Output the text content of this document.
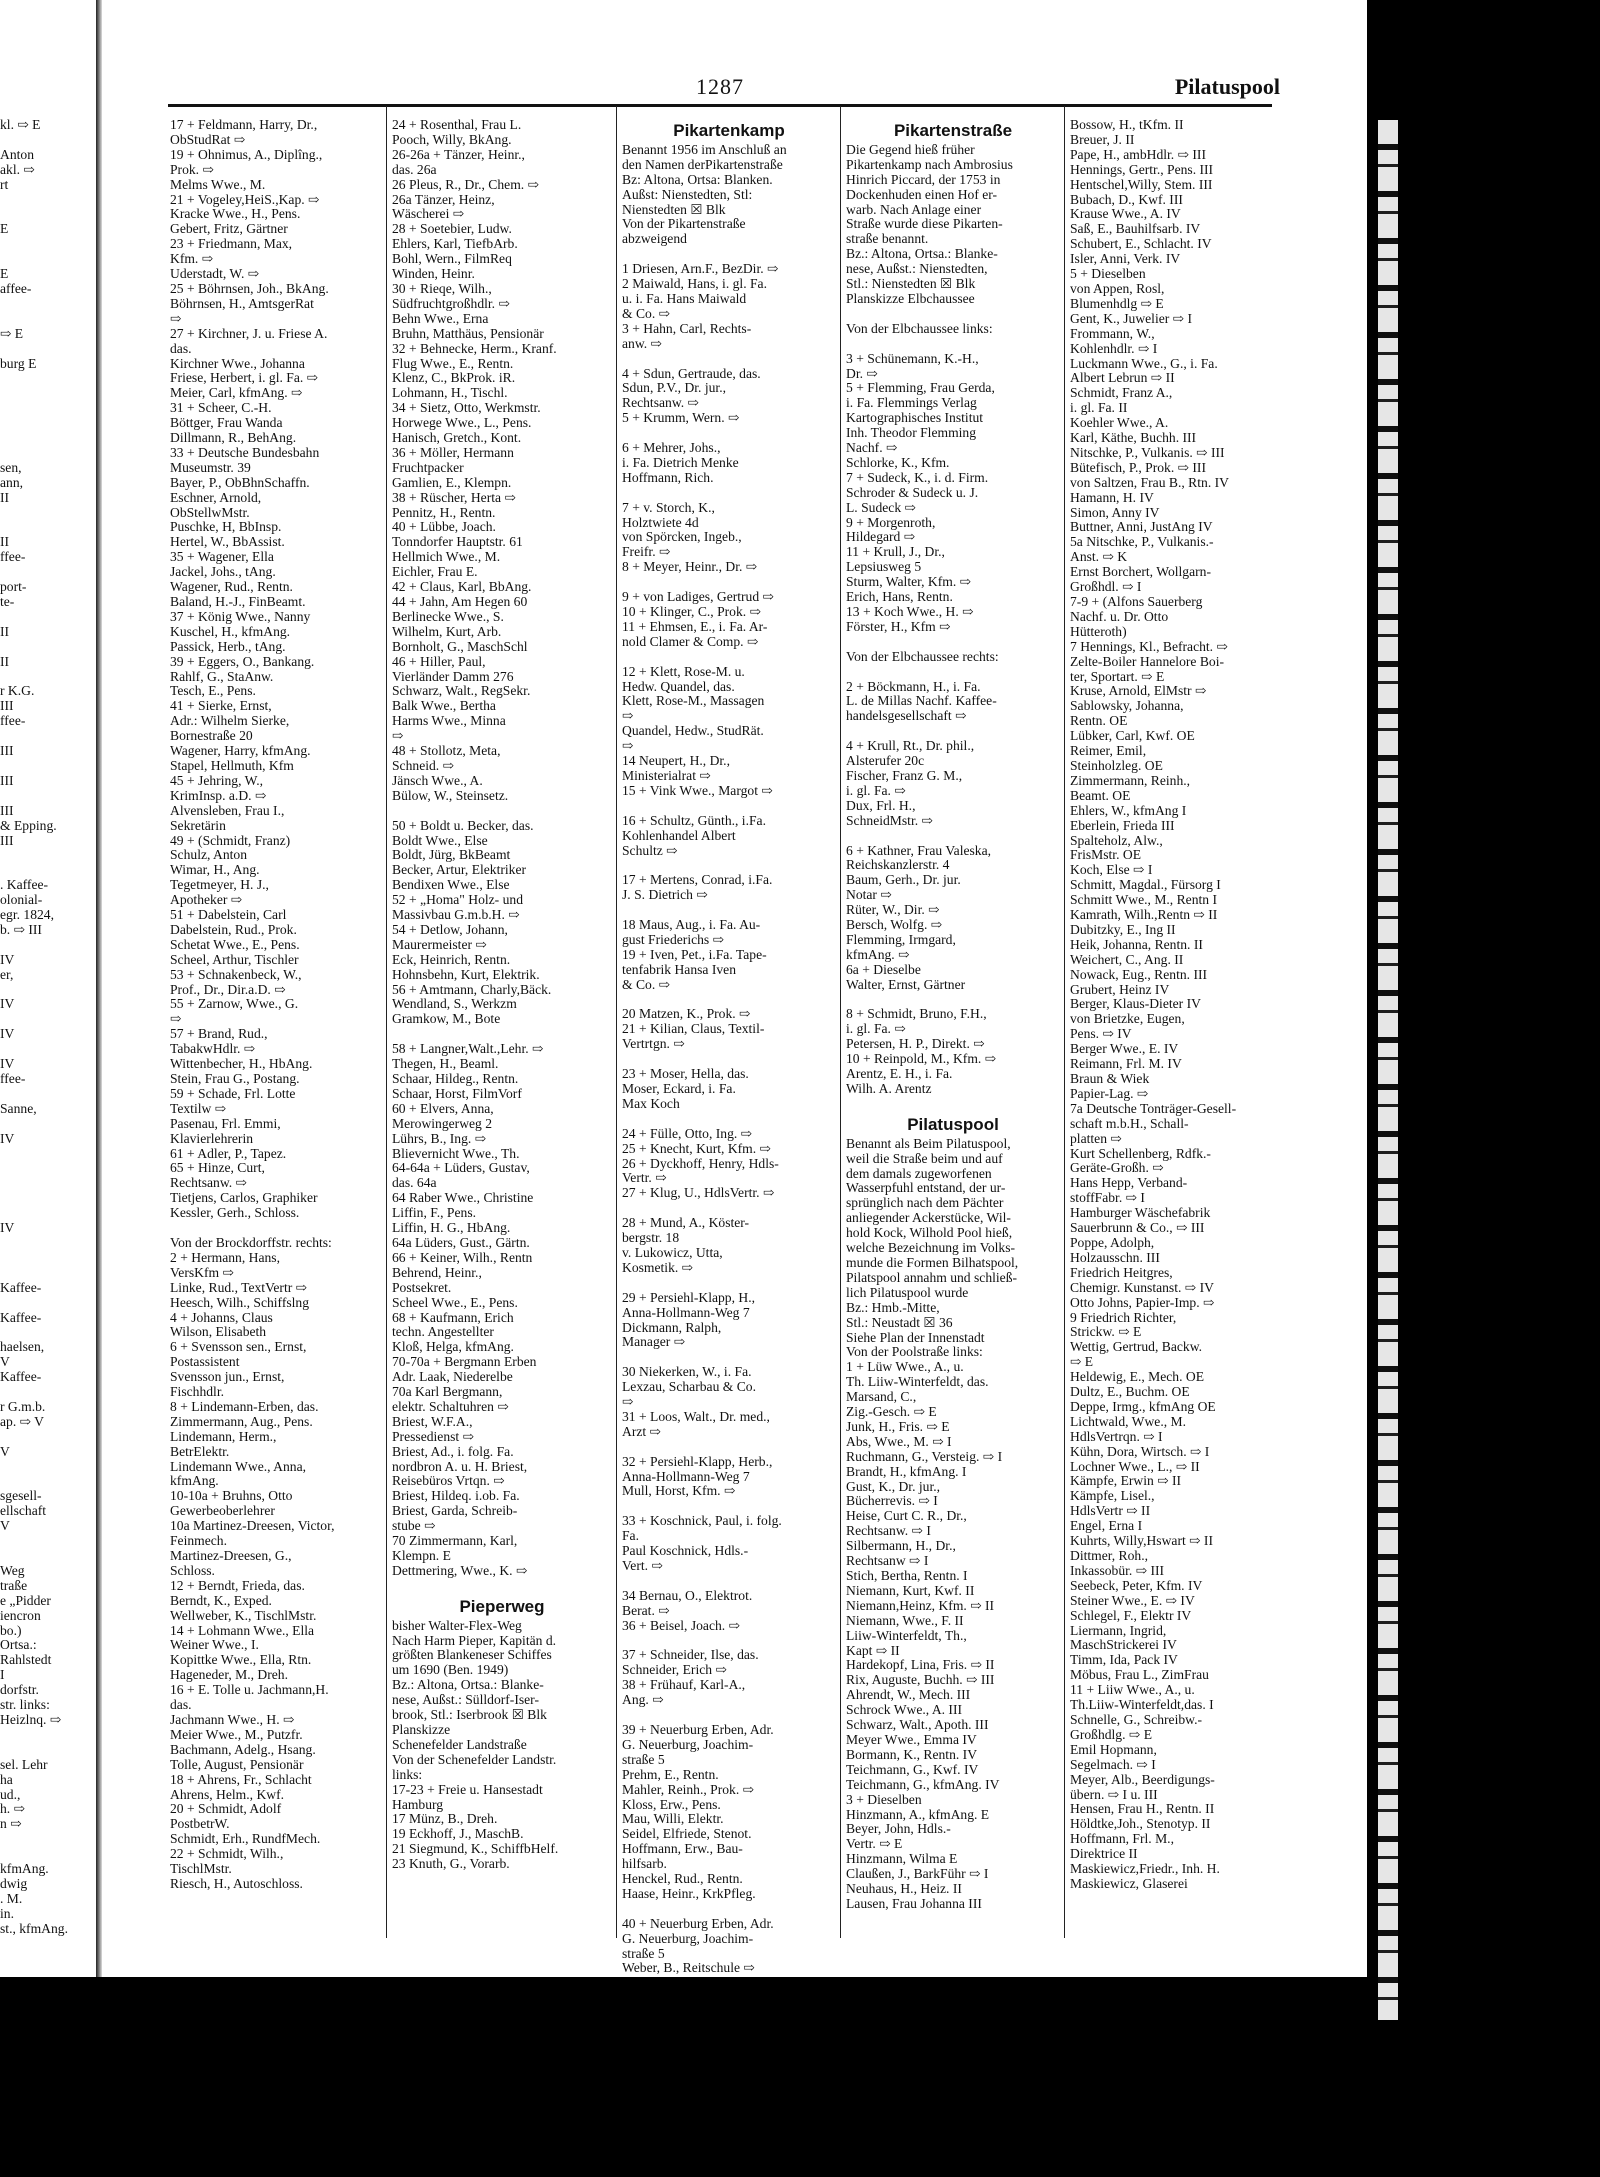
kl. ⇨ E

Anton
akl. ⇨
rt

E

E
affee-

⇨ E

burg E

sen,
ann,
II

II
ffee-

port-
te-

II

II

r K.G.
III
ffee-

III

III

III
& Epping.
III

. Kaffee-
olonial-
egr. 1824,
b. ⇨ III

IV
er,

IV

IV

IV
ffee-

Sanne,

IV

IV

Kaffee-

Kaffee-

haelsen,
V
Kaffee-

r G.m.b.
ap. ⇨ V

V

sgesell-
ellschaft
V

Weg
traße
e „Pidder
iencron
bo.)
Ortsa.:
Rahlstedt
I
dorfstr.
str. links:
Heizlnq. ⇨

sel. Lehr
ha
ud.,
h. ⇨
n ⇨

kfmAng.
dwig
. M.
in.
st., kfmAng.
1287	Pilatuspool
17 + Feldmann, Harry, Dr.,
ObStudRat ⇨
19 + Ohnimus, A., Diplîng.,
Prok. ⇨
Melms Wwe., M.
21 + Vogeley,HeiS.,Kap. ⇨
Kracke Wwe., H., Pens.
Gebert, Fritz, Gärtner
23 + Friedmann, Max,
Kfm. ⇨
Uderstadt, W. ⇨
25 + Böhrnsen, Joh., BkAng.
Böhrnsen, H., AmtsgerRat
⇨
27 + Kirchner, J. u. Friese A.
das.
Kirchner Wwe., Johanna
Friese, Herbert, i. gl. Fa. ⇨
Meier, Carl, kfmAng. ⇨
31 + Scheer, C.-H.
Böttger, Frau Wanda
Dillmann, R., BehAng.
33 + Deutsche Bundesbahn
Museumstr. 39
Bayer, P., ObBhnSchaffn.
Eschner, Arnold,
ObStellwMstr.
Puschke, H, BbInsp.
Hertel, W., BbAssist.
35 + Wagener, Ella
Jackel, Johs., tAng.
Wagener, Rud., Rentn.
Baland, H.-J., FinBeamt.
37 + König Wwe., Nanny
Kuschel, H., kfmAng.
Passick, Herb., tAng.
39 + Eggers, O., Bankang.
Rahlf, G., StaAnw.
Tesch, E., Pens.
41 + Sierke, Ernst,
Adr.: Wilhelm Sierke,
Bornestraße 20
Wagener, Harry, kfmAng.
Stapel, Hellmuth, Kfm
45 + Jehring, W.,
KrimInsp. a.D. ⇨
Alvensleben, Frau I.,
Sekretärin
49 + (Schmidt, Franz)
Schulz, Anton
Wimar, H., Ang.
Tegetmeyer, H. J.,
Apotheker ⇨
51 + Dabelstein, Carl
Dabelstein, Rud., Prok.
Schetat Wwe., E., Pens.
Scheel, Arthur, Tischler
53 + Schnakenbeck, W.,
Prof., Dr., Dir.a.D. ⇨
55 + Zarnow, Wwe., G.
⇨
57 + Brand, Rud.,
TabakwHdlr. ⇨
Wittenbecher, H., HbAng.
Stein, Frau G., Postang.
59 + Schade, Frl. Lotte
Textilw ⇨
Pasenau, Frl. Emmi,
Klavierlehrerin
61 + Adler, P., Tapez.
65 + Hinze, Curt,
Rechtsanw. ⇨
Tietjens, Carlos, Graphiker
Kessler, Gerh., Schloss.

Von der Brockdorffstr. rechts:
2 + Hermann, Hans,
VersKfm ⇨
Linke, Rud., TextVertr ⇨
Heesch, Wilh., Schiffslng
4 + Johanns, Claus
Wilson, Elisabeth
6 + Svensson sen., Ernst,
Postassistent
Svensson jun., Ernst,
Fischhdlr.
8 + Lindemann-Erben, das.
Zimmermann, Aug., Pens.
Lindemann, Herm.,
BetrElektr.
Lindemann Wwe., Anna,
kfmAng.
10-10a + Bruhns, Otto
Gewerbeoberlehrer
10a Martinez-Dreesen, Victor,
Feinmech.
Martinez-Dreesen, G.,
Schloss.
12 + Berndt, Frieda, das.
Berndt, K., Exped.
Wellweber, K., TischlMstr.
14 + Lohmann Wwe., Ella
Weiner Wwe., I.
Kopittke Wwe., Ella, Rtn.
Hageneder, M., Dreh.
16 + E. Tolle u. Jachmann,H.
das.
Jachmann Wwe., H. ⇨
Meier Wwe., M., Putzfr.
Bachmann, Adelg., Hsang.
Tolle, August, Pensionär
18 + Ahrens, Fr., Schlacht
Ahrens, Helm., Kwf.
20 + Schmidt, Adolf
PostbetrW.
Schmidt, Erh., RundfMech.
22 + Schmidt, Wilh.,
TischlMstr.
Riesch, H., Autoschloss.
24 + Rosenthal, Frau L.
Pooch, Willy, BkAng.
26-26a + Tänzer, Heinr.,
das. 26a
26 Pleus, R., Dr., Chem. ⇨
26a Tänzer, Heinz,
Wäscherei ⇨
28 + Soetebier, Ludw.
Ehlers, Karl, TiefbArb.
Bohl, Wern., FilmReq
Winden, Heinr.
30 + Rieqe, Wilh.,
Südfruchtgroßhdlr. ⇨
Behn Wwe., Erna
Bruhn, Matthäus, Pensionär
32 + Behnecke, Herm., Kranf.
Flug Wwe., E., Rentn.
Klenz, C., BkProk. iR.
Lohmann, H., Tischl.
34 + Sietz, Otto, Werkmstr.
Horwege Wwe., L., Pens.
Hanisch, Gretch., Kont.
36 + Möller, Hermann
Fruchtpacker
Gamlien, E., Klempn.
38 + Rüscher, Herta ⇨
Pennitz, H., Rentn.
40 + Lübbe, Joach.
Tonndorfer Hauptstr. 61
Hellmich Wwe., M.
Eichler, Frau E.
42 + Claus, Karl, BbAng.
44 + Jahn, Am Hegen 60
Berlinecke Wwe., S.
Wilhelm, Kurt, Arb.
Bornholt, G., MaschSchl
46 + Hiller, Paul,
Vierländer Damm 276
Schwarz, Walt., RegSekr.
Balk Wwe., Bertha
Harms Wwe., Minna
⇨
48 + Stollotz, Meta,
Schneid. ⇨
Jänsch Wwe., A.
Bülow, W., Steinsetz.

50 + Boldt u. Becker, das.
Boldt Wwe., Else
Boldt, Jürg, BkBeamt
Becker, Artur, Elektriker
Bendixen Wwe., Else
52 + „Homa" Holz- und
Massivbau G.m.b.H. ⇨
54 + Detlow, Johann,
Maurermeister ⇨
Eck, Heinrich, Rentn.
Hohnsbehn, Kurt, Elektrik.
56 + Amtmann, Charly,Bäck.
Wendland, S., Werkzm
Gramkow, M., Bote

58 + Langner,Walt.,Lehr. ⇨
Thegen, H., Beaml.
Schaar, Hildeg., Rentn.
Schaar, Horst, FilmVorf
60 + Elvers, Anna,
Merowingerweg 2
Lührs, B., Ing. ⇨
Blievernicht Wwe., Th.
64-64a + Lüders, Gustav,
das. 64a
64 Raber Wwe., Christine
Liffin, F., Pens.
Liffin, H. G., HbAng.
64a Lüders, Gust., Gärtn.
66 + Keiner, Wilh., Rentn
Behrend, Heinr.,
Postsekret.
Scheel Wwe., E., Pens.
68 + Kaufmann, Erich
techn. Angestellter
Kloß, Helga, kfmAng.
70-70a + Bergmann Erben
Adr. Laak, Niederelbe
70a Karl Bergmann,
elektr. Schaltuhren ⇨
Briest, W.F.A.,
Pressedienst ⇨
Briest, Ad., i. folg. Fa.
nordbron A. u. H. Briest,
Reisebüros Vrtqn. ⇨
Briest, Hildeq. i.ob. Fa.
Briest, Garda, Schreib-
stube ⇨
70 Zimmermann, Karl,
Klempn. E
Dettmering, Wwe., K. ⇨

Pieperweg
bisher Walter-Flex-Weg
Nach Harm Pieper, Kapitän d.
größten Blankeneser Schiffes
um 1690 (Ben. 1949)
Bz.: Altona, Ortsa.: Blanke-
nese, Außst.: Sülldorf-Iser-
brook, Stl.: Iserbrook ☒ Blk
Planskizze
Schenefelder Landstraße
Von der Schenefelder Landstr.
links:
17-23 + Freie u. Hansestadt
Hamburg
17 Münz, B., Dreh.
19 Eckhoff, J., MaschB.
21 Siegmund, K., SchiffbHelf.
23 Knuth, G., Vorarb.
Pikartenkamp
Benannt 1956 im Anschluß an
den Namen derPikartenstraße
Bz: Altona, Ortsa: Blanken.
Außst: Nienstedten, Stl:
Nienstedten ☒ Blk
Von der Pikartenstraße
abzweigend

1 Driesen, Arn.F., BezDir. ⇨
2 Maiwald, Hans, i. gl. Fa.
u. i. Fa. Hans Maiwald
& Co. ⇨
3 + Hahn, Carl, Rechts-
anw. ⇨

4 + Sdun, Gertraude, das.
Sdun, P.V., Dr. jur.,
Rechtsanw. ⇨
5 + Krumm, Wern. ⇨

6 + Mehrer, Johs.,
i. Fa. Dietrich Menke
Hoffmann, Rich.

7 + v. Storch, K.,
Holztwiete 4d
von Spörcken, Ingeb.,
Freifr. ⇨
8 + Meyer, Heinr., Dr. ⇨

9 + von Ladiges, Gertrud ⇨
10 + Klinger, C., Prok. ⇨
11 + Ehmsen, E., i. Fa. Ar-
nold Clamer & Comp. ⇨

12 + Klett, Rose-M. u.
Hedw. Quandel, das.
Klett, Rose-M., Massagen
⇨
Quandel, Hedw., StudRät.
⇨
14 Neupert, H., Dr.,
Ministerialrat ⇨
15 + Vink Wwe., Margot ⇨

16 + Schultz, Günth., i.Fa.
Kohlenhandel Albert
Schultz ⇨

17 + Mertens, Conrad, i.Fa.
J. S. Dietrich ⇨

18 Maus, Aug., i. Fa. Au-
gust Friederichs ⇨
19 + Iven, Pet., i.Fa. Tape-
tenfabrik Hansa Iven
& Co. ⇨

20 Matzen, K., Prok. ⇨
21 + Kilian, Claus, Textil-
Vertrtgn. ⇨

23 + Moser, Hella, das.
Moser, Eckard, i. Fa.
Max Koch

24 + Fülle, Otto, Ing. ⇨
25 + Knecht, Kurt, Kfm. ⇨
26 + Dyckhoff, Henry, Hdls-
Vertr. ⇨
27 + Klug, U., HdlsVertr. ⇨

28 + Mund, A., Köster-
bergstr. 18
v. Lukowicz, Utta,
Kosmetik. ⇨

29 + Persiehl-Klapp, H.,
Anna-Hollmann-Weg 7
Dickmann, Ralph,
Manager ⇨

30 Niekerken, W., i. Fa.
Lexzau, Scharbau & Co.
⇨
31 + Loos, Walt., Dr. med.,
Arzt ⇨

32 + Persiehl-Klapp, Herb.,
Anna-Hollmann-Weg 7
Mull, Horst, Kfm. ⇨

33 + Koschnick, Paul, i. folg.
Fa.
Paul Koschnick, Hdls.-
Vert. ⇨

34 Bernau, O., Elektrot.
Berat. ⇨
36 + Beisel, Joach. ⇨

37 + Schneider, Ilse, das.
Schneider, Erich ⇨
38 + Frühauf, Karl-A.,
Ang. ⇨

39 + Neuerburg Erben, Adr.
G. Neuerburg, Joachim-
straße 5
Prehm, E., Rentn.
Mahler, Reinh., Prok. ⇨
Kloss, Erw., Pens.
Mau, Willi, Elektr.
Seidel, Elfriede, Stenot.
Hoffmann, Erw., Bau-
hilfsarb.
Henckel, Rud., Rentn.
Haase, Heinr., KrkPfleg.

40 + Neuerburg Erben, Adr.
G. Neuerburg, Joachim-
straße 5
Weber, B., Reitschule ⇨
Pikartenstraße
Die Gegend hieß früher
Pikartenkamp nach Ambrosius
Hinrich Piccard, der 1753 in
Dockenhuden einen Hof er-
warb. Nach Anlage einer
Straße wurde diese Pikarten-
straße benannt.
Bz.: Altona, Ortsa.: Blanke-
nese, Außst.: Nienstedten,
Stl.: Nienstedten ☒ Blk
Planskizze Elbchaussee

Von der Elbchaussee links:

3 + Schünemann, K.-H.,
Dr. ⇨
5 + Flemming, Frau Gerda,
i. Fa. Flemmings Verlag
Kartographisches Institut
Inh. Theodor Flemming
Nachf. ⇨
Schlorke, K., Kfm.
7 + Sudeck, K., i. d. Firm.
Schroder & Sudeck u. J.
L. Sudeck ⇨
9 + Morgenroth,
Hildegard ⇨
11 + Krull, J., Dr.,
Lepsiusweg 5
Sturm, Walter, Kfm. ⇨
Erich, Hans, Rentn.
13 + Koch Wwe., H. ⇨
Förster, H., Kfm ⇨

Von der Elbchaussee rechts:

2 + Böckmann, H., i. Fa.
L. de Millas Nachf. Kaffee-
handelsgesellschaft ⇨

4 + Krull, Rt., Dr. phil.,
Alsterufer 20c
Fischer, Franz G. M.,
i. gl. Fa. ⇨
Dux, Frl. H.,
SchneidMstr. ⇨

6 + Kathner, Frau Valeska,
Reichskanzlerstr. 4
Baum, Gerh., Dr. jur.
Notar ⇨
Rüter, W., Dir. ⇨
Bersch, Wolfg. ⇨
Flemming, Irmgard,
kfmAng. ⇨
6a + Dieselbe
Walter, Ernst, Gärtner

8 + Schmidt, Bruno, F.H.,
i. gl. Fa. ⇨
Petersen, H. P., Direkt. ⇨
10 + Reinpold, M., Kfm. ⇨
Arentz, E. H., i. Fa.
Wilh. A. Arentz

Pilatuspool
Benannt als Beim Pilatuspool,
weil die Straße beim und auf
dem damals zugeworfenen
Wasserpfuhl entstand, der ur-
sprünglich nach dem Pächter
anliegender Ackerstücke, Wil-
hold Kock, Wilhold Pool hieß,
welche Bezeichnung im Volks-
munde die Formen Bilhatspool,
Pilatspool annahm und schließ-
lich Pilatuspool wurde
Bz.: Hmb.-Mitte,
Stl.: Neustadt ☒ 36
Siehe Plan der Innenstadt
Von der Poolstraße links:
1 + Lüw Wwe., A., u.
Th. Liiw-Winterfeldt, das.
Marsand, C.,
Zig.-Gesch. ⇨ E
Junk, H., Fris. ⇨ E
Abs, Wwe., M. ⇨ I
Ruchmann, G., Versteig. ⇨ I
Brandt, H., kfmAng. I
Gust, K., Dr. jur.,
Bücherrevis. ⇨ I
Heise, Curt C. R., Dr.,
Rechtsanw. ⇨ I
Silbermann, H., Dr.,
Rechtsanw ⇨ I
Stich, Bertha, Rentn. I
Niemann, Kurt, Kwf. II
Niemann,Heinz, Kfm. ⇨ II
Niemann, Wwe., F. II
Liiw-Winterfeldt, Th.,
Kapt ⇨ II
Hardekopf, Lina, Fris. ⇨ II
Rix, Auguste, Buchh. ⇨ III
Ahrendt, W., Mech. III
Schrock Wwe., A. III
Schwarz, Walt., Apoth. III
Meyer Wwe., Emma IV
Bormann, K., Rentn. IV
Teichmann, G., Kwf. IV
Teichmann, G., kfmAng. IV
3 + Dieselben
Hinzmann, A., kfmAng. E
Beyer, John, Hdls.-
Vertr. ⇨ E
Hinzmann, Wilma E
Claußen, J., BarkFühr ⇨ I
Neuhaus, H., Heiz. II
Lausen, Frau Johanna III
Bossow, H., tKfm. II
Breuer, J. II
Pape, H., ambHdlr. ⇨ III
Hennings, Gertr., Pens. III
Hentschel,Willy, Stem. III
Bubach, D., Kwf. III
Krause Wwe., A. IV
Saß, E., Bauhilfsarb. IV
Schubert, E., Schlacht. IV
Isler, Anni, Verk. IV
5 + Dieselben
von Appen, Rosl,
Blumenhdlg ⇨ E
Gent, K., Juwelier ⇨ I
Frommann, W.,
Kohlenhdlr. ⇨ I
Luckmann Wwe., G., i. Fa.
Albert Lebrun ⇨ II
Schmidt, Franz A.,
i. gl. Fa. II
Koehler Wwe., A.
Karl, Käthe, Buchh. III
Nitschke, P., Vulkanis. ⇨ III
Bütefisch, P., Prok. ⇨ III
von Saltzen, Frau B., Rtn. IV
Hamann, H. IV
Simon, Anny IV
Buttner, Anni, JustAng IV
5a Nitschke, P., Vulkanis.-
Anst. ⇨ K
Ernst Borchert, Wollgarn-
Großhdl. ⇨ I
7-9 + (Alfons Sauerberg
Nachf. u. Dr. Otto
Hütteroth)
7 Hennings, Kl., Befracht. ⇨
Zelte-Boiler Hannelore Boi-
ter, Sportart. ⇨ E
Kruse, Arnold, ElMstr ⇨
Sablowsky, Johanna,
Rentn. OE
Lübker, Carl, Kwf. OE
Reimer, Emil,
Steinholzleg. OE
Zimmermann, Reinh.,
Beamt. OE
Ehlers, W., kfmAng I
Eberlein, Frieda III
Spalteholz, Alw.,
FrisMstr. OE
Koch, Else ⇨ I
Schmitt, Magdal., Fürsorg I
Schmitt Wwe., M., Rentn I
Kamrath, Wilh.,Rentn ⇨ II
Dubitzky, E., Ing II
Heik, Johanna, Rentn. II
Weichert, C., Ang. II
Nowack, Eug., Rentn. III
Grubert, Heinz IV
Berger, Klaus-Dieter IV
von Brietzke, Eugen,
Pens. ⇨ IV
Berger Wwe., E. IV
Reimann, Frl. M. IV
Braun & Wiek
Papier-Lag. ⇨
7a Deutsche Tonträger-Gesell-
schaft m.b.H., Schall-
platten ⇨
Kurt Schellenberg, Rdfk.-
Geräte-Großh. ⇨
Hans Hepp, Verband-
stoffFabr. ⇨ I
Hamburger Wäschefabrik
Sauerbrunn & Co., ⇨ III
Poppe, Adolph,
Holzausschn. III
Friedrich Heitgres,
Chemigr. Kunstanst. ⇨ IV
Otto Johns, Papier-Imp. ⇨
9 Friedrich Richter,
Strickw. ⇨ E
Wettig, Gertrud, Backw.
⇨ E
Heldewig, E., Mech. OE
Dultz, E., Buchm. OE
Deppe, Irmg., kfmAng OE
Lichtwald, Wwe., M.
HdlsVertrqn. ⇨ I
Kühn, Dora, Wirtsch. ⇨ I
Lochner Wwe., L., ⇨ II
Kämpfe, Erwin ⇨ II
Kämpfe, Lisel.,
HdlsVertr ⇨ II
Engel, Erna I
Kuhrts, Willy,Hswart ⇨ II
Dittmer, Roh.,
Inkassobür. ⇨ III
Seebeck, Peter, Kfm. IV
Steiner Wwe., E. ⇨ IV
Schlegel, F., Elektr IV
Liermann, Ingrid,
MaschStrickerei IV
Timm, Ida, Pack IV
Möbus, Frau L., ZimFrau
11 + Liiw Wwe., A., u.
Th.Liiw-Winterfeldt,das. I
Schnelle, G., Schreibw.-
Großhdlg. ⇨ E
Emil Hopmann,
Segelmach. ⇨ I
Meyer, Alb., Beerdigungs-
übern. ⇨ I u. III
Hensen, Frau H., Rentn. II
Höldtke,Joh., Stenotyp. II
Hoffmann, Frl. M.,
Direktrice II
Maskiewicz,Friedr., Inh. H.
Maskiewicz, Glaserei
